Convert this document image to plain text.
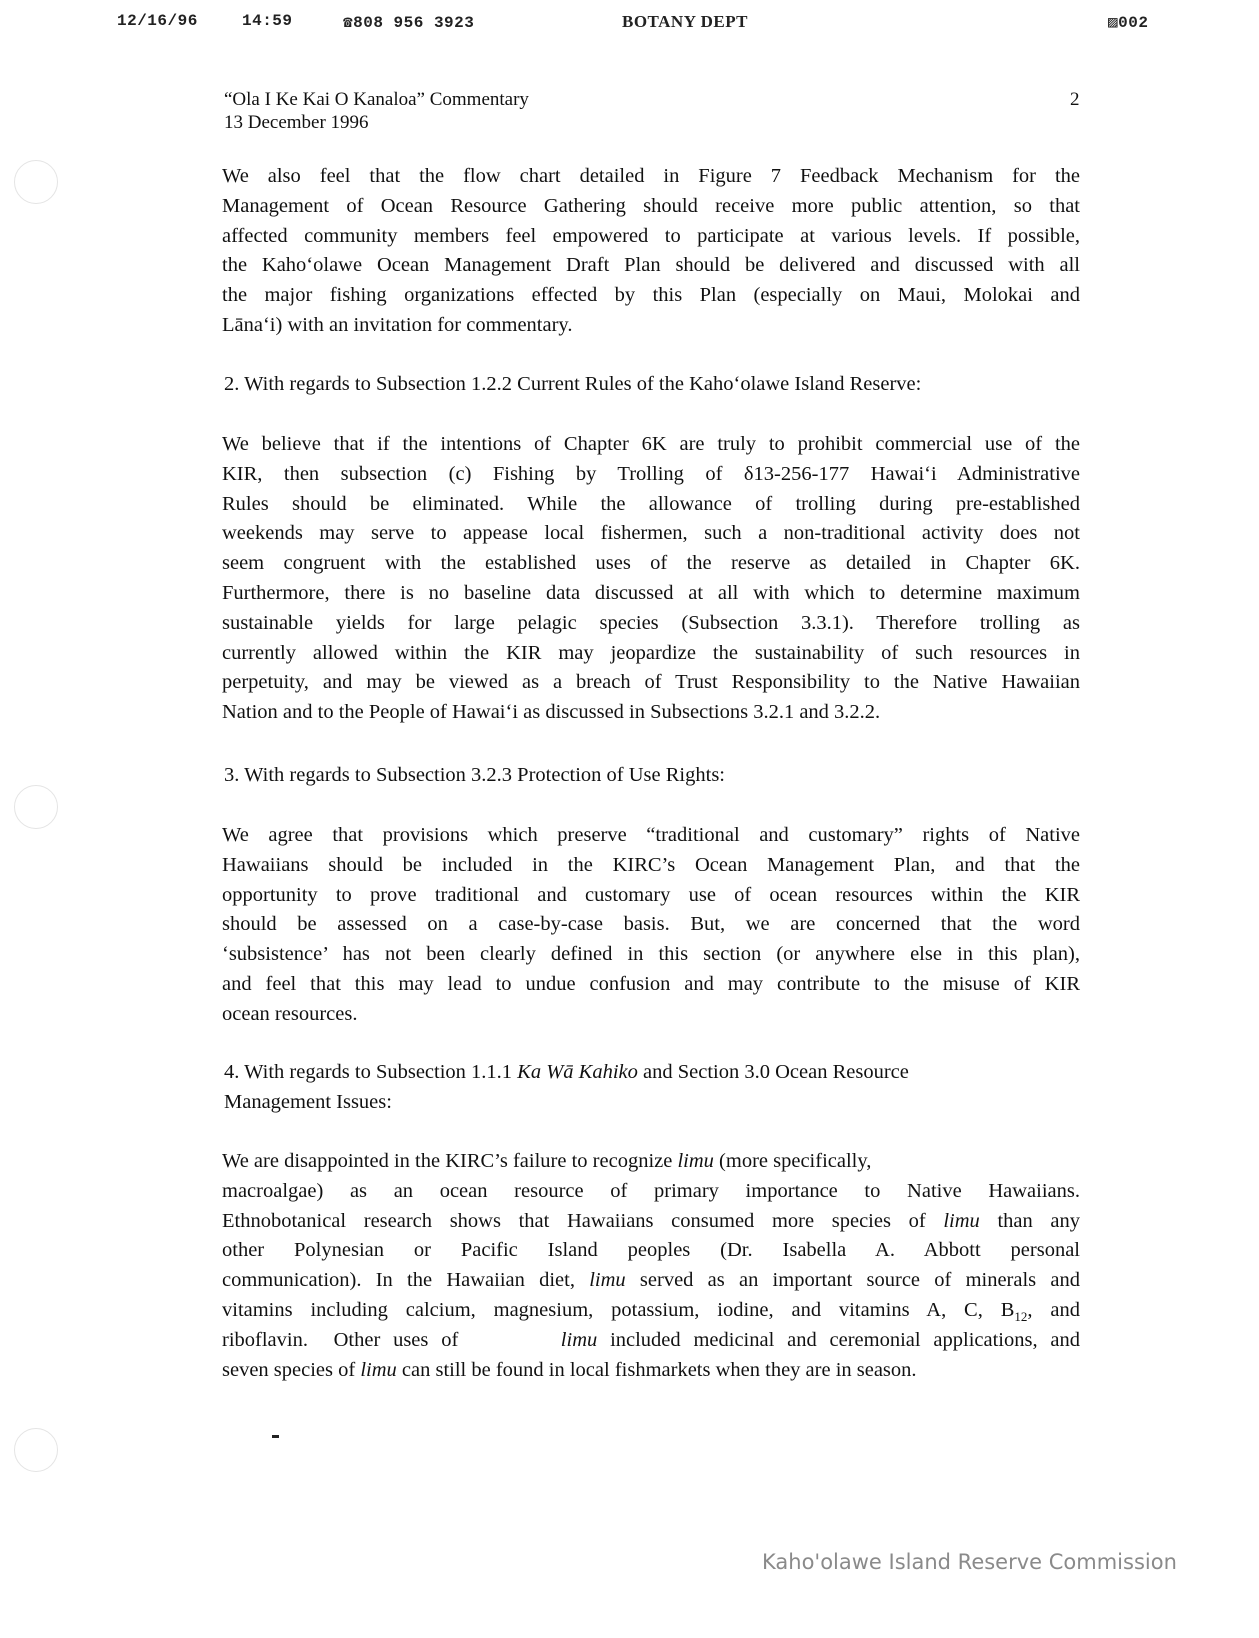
12/16/96	14:59	☎808 956 3923	BOTANY DEPT	▨002
“Ola I Ke Kai O Kanaloa” Commentary
13 December 1996
2
We also feel that the flow chart detailed in Figure 7 Feedback Mechanism for the
Management of Ocean Resource Gathering should receive more public attention, so that
affected community members feel empowered to participate at various levels. If possible,
the Kaho‘olawe Ocean Management Draft Plan should be delivered and discussed with all
the major fishing organizations effected by this Plan (especially on Maui, Molokai and
Lāna‘i) with an invitation for commentary.
2. With regards to Subsection 1.2.2 Current Rules of the Kaho‘olawe Island Reserve:
We believe that if the intentions of Chapter 6K are truly to prohibit commercial use of the
KIR, then subsection (c) Fishing by Trolling of δ13-256-177 Hawai‘i Administrative
Rules should be eliminated. While the allowance of trolling during pre-established
weekends may serve to appease local fishermen, such a non-traditional activity does not
seem congruent with the established uses of the reserve as detailed in Chapter 6K.
Furthermore, there is no baseline data discussed at all with which to determine maximum
sustainable yields for large pelagic species (Subsection 3.3.1). Therefore trolling as
currently allowed within the KIR may jeopardize the sustainability of such resources in
perpetuity, and may be viewed as a breach of Trust Responsibility to the Native Hawaiian
Nation and to the People of Hawai‘i as discussed in Subsections 3.2.1 and 3.2.2.
3. With regards to Subsection 3.2.3 Protection of Use Rights:
We agree that provisions which preserve “traditional and customary” rights of Native
Hawaiians should be included in the KIRC’s Ocean Management Plan, and that the
opportunity to prove traditional and customary use of ocean resources within the KIR
should be assessed on a case-by-case basis. But, we are concerned that the word
‘subsistence’ has not been clearly defined in this section (or anywhere else in this plan),
and feel that this may lead to undue confusion and may contribute to the misuse of KIR
ocean resources.
4. With regards to Subsection 1.1.1 Ka Wā Kahiko and Section 3.0 Ocean Resource
Management Issues:
We are disappointed in the KIRC’s failure to recognize limu (more specifically,
macroalgae) as an ocean resource of primary importance to Native Hawaiians.
Ethnobotanical research shows that Hawaiians consumed more species of limu than any
other Polynesian or Pacific Island peoples (Dr. Isabella A. Abbott personal
communication). In the Hawaiian diet, limu served as an important source of minerals and
vitamins including calcium, magnesium, potassium, iodine, and vitamins A, C, $B_{12}$, and
riboflavin.  Other uses of        limu included medicinal and ceremonial applications, and
seven species of limu can still be found in local fishmarkets when they are in season.
Kaho'olawe Island Reserve Commission
